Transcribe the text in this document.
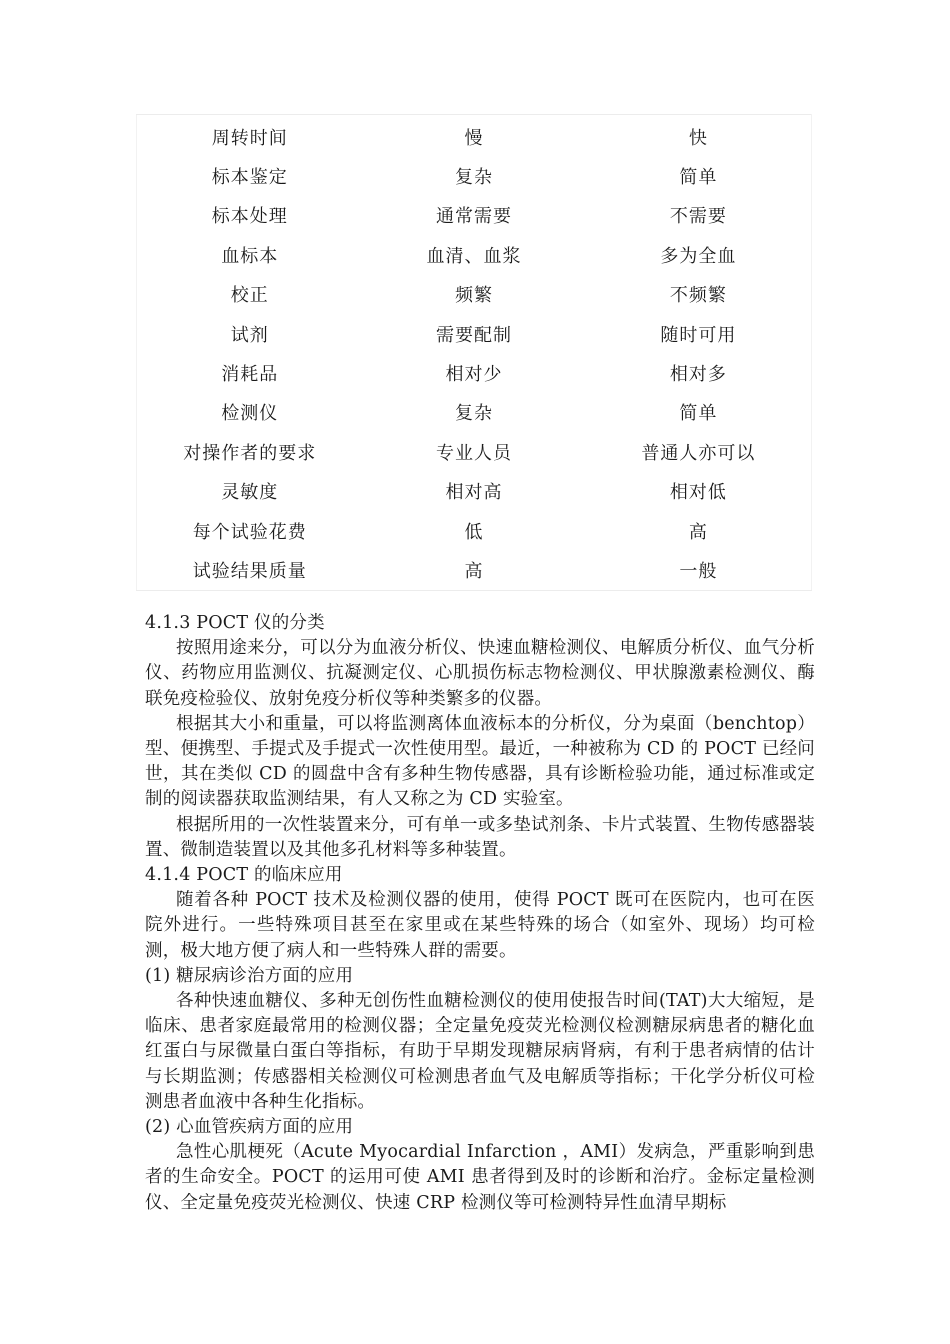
周转时间	慢	快
标本鉴定	复杂	简单
标本处理	通常需要	不需要
血标本	血清、血浆	多为全血
校正	频繁	不频繁
试剂	需要配制	随时可用
消耗品	相对少	相对多
检测仪	复杂	简单
对操作者的要求	专业人员	普通人亦可以
灵敏度	相对高	相对低
每个试验花费	低	高
试验结果质量	高	一般
4.1.3 POCT 仪的分类

按照用途来分，可以分为血液分析仪、快速血糖检测仪、电解质分析仪、血气分析仪、药物应用监测仪、抗凝测定仪、心肌损伤标志物检测仪、甲状腺激素检测仪、酶联免疫检验仪、放射免疫分析仪等种类繁多的仪器。

根据其大小和重量，可以将监测离体血液标本的分析仪，分为桌面（benchtop）型、便携型、手提式及手提式一次性使用型。最近，一种被称为 CD 的 POCT 已经问世，其在类似 CD 的圆盘中含有多种生物传感器，具有诊断检验功能，通过标准或定制的阅读器获取监测结果，有人又称之为 CD 实验室。

根据所用的一次性装置来分，可有单一或多垫试剂条、卡片式装置、生物传感器装置、微制造装置以及其他多孔材料等多种装置。

4.1.4 POCT 的临床应用

随着各种 POCT 技术及检测仪器的使用，使得 POCT 既可在医院内，也可在医院外进行。一些特殊项目甚至在家里或在某些特殊的场合（如室外、现场）均可检测，极大地方便了病人和一些特殊人群的需要。

(1) 糖尿病诊治方面的应用

各种快速血糖仪、多种无创伤性血糖检测仪的使用使报告时间(TAT)大大缩短，是临床、患者家庭最常用的检测仪器；全定量免疫荧光检测仪检测糖尿病患者的糖化血红蛋白与尿微量白蛋白等指标，有助于早期发现糖尿病肾病，有利于患者病情的估计与长期监测；传感器相关检测仪可检测患者血气及电解质等指标；干化学分析仪可检测患者血液中各种生化指标。

(2) 心血管疾病方面的应用

急性心肌梗死（Acute Myocardial Infarction ，AMI）发病急，严重影响到患者的生命安全。POCT 的运用可使 AMI 患者得到及时的诊断和治疗。金标定量检测仪、全定量免疫荧光检测仪、快速 CRP 检测仪等可检测特异性血清早期标
